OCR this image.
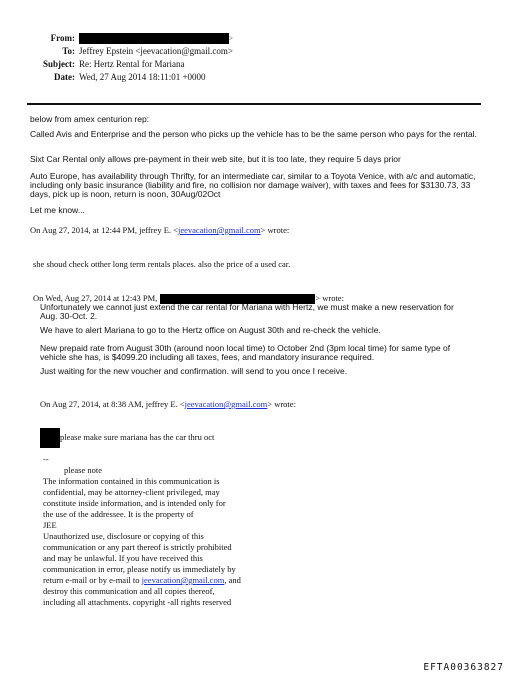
From:	>
To: Jeffrey Epstein <jeevacation@gmail.com>
Subject: Re: Hertz Rental for Mariana
Date: Wed, 27 Aug 2014 18:11:01 +0000
below from amex centurion rep:
Called Avis and Enterprise and the person who picks up the vehicle has to be the same person who pays for the rental.
Sixt Car Rental only allows pre-payment in their web site, but it is too late, they require 5 days prior
Auto Europe, has availability through Thrifty, for an intermediate car, similar to a Toyota Venice, with a/c and automatic, including only basic insurance (liability and fire, no collision nor damage waiver), with taxes and fees for $3130.73, 33 days, pick up is noon, return is noon, 30Aug/02Oct
Let me know...
On Aug 27, 2014, at 12:44 PM, jeffrey E. <jeevacation@gmail.com> wrote:
she shoud check otther long term rentals places. also the price of a used car.
On Wed, Aug 27, 2014 at 12:43 PM,	> wrote:
Unfortunately we cannot just extend the car rental for Mariana with Hertz, we must make a new reservation for Aug. 30-Oct. 2.
We have to alert Mariana to go to the Hertz office on August 30th and re-check the vehicle.
New prepaid rate from August 30th (around noon local time) to October 2nd (3pm local time) for same type of vehicle she has, is $4099.20 including all taxes, fees, and mandatory insurance required.
Just waiting for the new voucher and confirmation. will send to you once I receive.
On Aug 27, 2014, at 8:38 AM, jeffrey E. <jeevacation@gmail.com> wrote:
please make sure mariana has the car thru oct
--
please note
The information contained in this communication is
confidential, may be attorney-client privileged, may
constitute inside information, and is intended only for
the use of the addressee. It is the property of
JEE
Unauthorized use, disclosure or copying of this
communication or any part thereof is strictly prohibited
and may be unlawful. If you have received this
communication in error, please notify us immediately by
return e-mail or by e-mail to jeevacation@gmail.com, and
destroy this communication and all copies thereof,
including all attachments. copyright -all rights reserved
EFTA00363827
